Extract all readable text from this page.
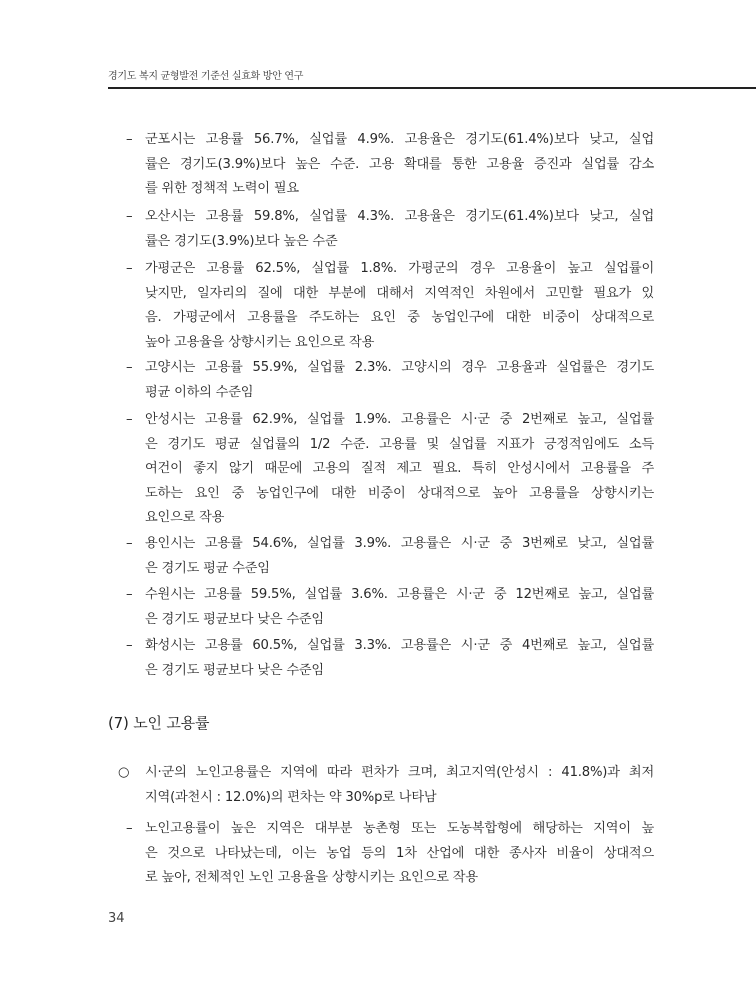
경기도 복지 균형발전 기준선 실효화 방안 연구
– 군포시는 고용률 56.7%, 실업률 4.9%. 고용율은 경기도(61.4%)보다 낮고, 실업
률은 경기도(3.9%)보다 높은 수준. 고용 확대를 통한 고용율 증진과 실업률 감소
를 위한 정책적 노력이 필요
– 오산시는 고용률 59.8%, 실업률 4.3%. 고용율은 경기도(61.4%)보다 낮고, 실업
률은 경기도(3.9%)보다 높은 수준
– 가평군은 고용률 62.5%, 실업률 1.8%. 가평군의 경우 고용율이 높고 실업률이
낮지만, 일자리의 질에 대한 부분에 대해서 지역적인 차원에서 고민할 필요가 있
음. 가평군에서 고용률을 주도하는 요인 중 농업인구에 대한 비중이 상대적으로
높아 고용율을 상향시키는 요인으로 작용
– 고양시는 고용률 55.9%, 실업률 2.3%. 고양시의 경우 고용율과 실업률은 경기도
평균 이하의 수준임
– 안성시는 고용률 62.9%, 실업률 1.9%. 고용률은 시·군 중 2번째로 높고, 실업률
은 경기도 평균 실업률의 1/2 수준. 고용률 및 실업률 지표가 긍정적임에도 소득
여건이 좋지 않기 때문에 고용의 질적 제고 필요. 특히 안성시에서 고용률을 주
도하는 요인 중 농업인구에 대한 비중이 상대적으로 높아 고용률을 상향시키는
요인으로 작용
– 용인시는 고용률 54.6%, 실업률 3.9%. 고용률은 시·군 중 3번째로 낮고, 실업률
은 경기도 평균 수준임
– 수원시는 고용률 59.5%, 실업률 3.6%. 고용률은 시·군 중 12번째로 높고, 실업률
은 경기도 평균보다 낮은 수준임
– 화성시는 고용률 60.5%, 실업률 3.3%. 고용률은 시·군 중 4번째로 높고, 실업률
은 경기도 평균보다 낮은 수준임
(7) 노인 고용률
○	시·군의 노인고용률은 지역에 따라 편차가 크며, 최고지역(안성시 : 41.8%)과 최저
지역(과천시 : 12.0%)의 편차는 약 30%p로 나타남
– 노인고용률이 높은 지역은 대부분 농촌형 또는 도농복합형에 해당하는 지역이 높
은 것으로 나타났는데, 이는 농업 등의 1차 산업에 대한 종사자 비율이 상대적으
로 높아, 전체적인 노인 고용율을 상향시키는 요인으로 작용
34
